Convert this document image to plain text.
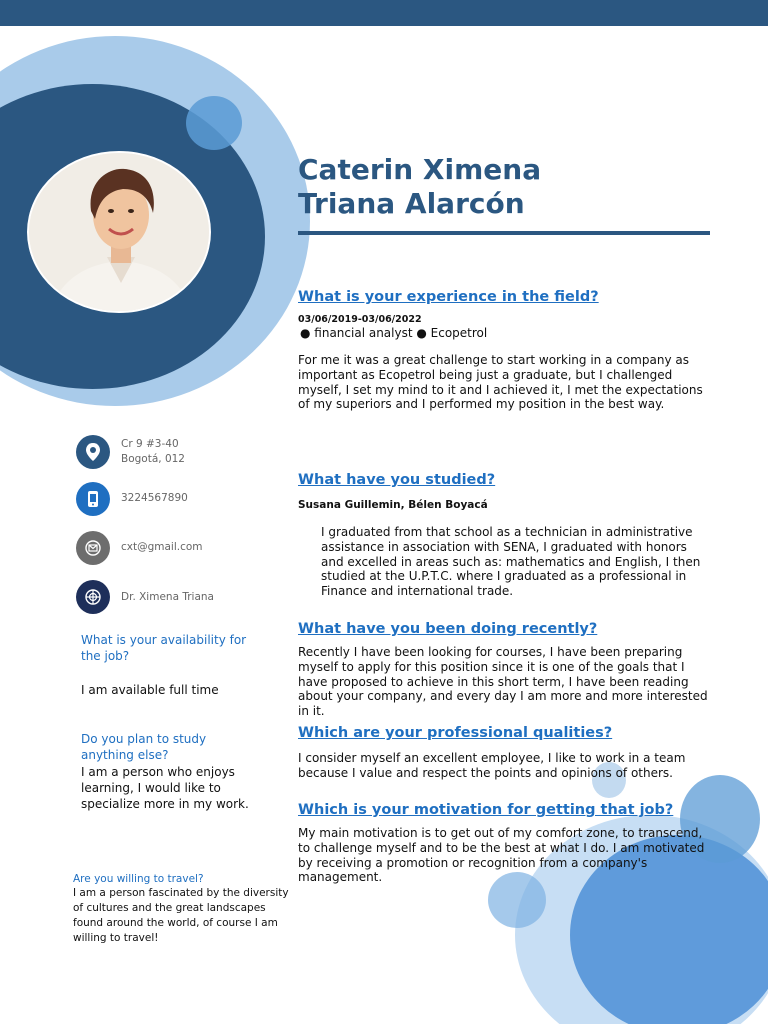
Caterin Ximena
Triana Alarcón
What is your experience in the field?
03/06/2019-03/06/2022
● financial analyst ● Ecopetrol
For me it was a great challenge to start working in a company as important as Ecopetrol being just a graduate, but I challenged myself, I set my mind to it and I achieved it, I met the expectations of my superiors and I performed my position in the best way.
What have you studied?
Susana Guillemin, Bélen Boyacá
I graduated from that school as a technician in administrative assistance in association with SENA, I graduated with honors and excelled in areas such as: mathematics and English, I then studied at the U.P.T.C. where I graduated as a professional in Finance and international trade.
What have you been doing recently?
Recently I have been looking for courses, I have been preparing myself to apply for this position since it is one of the goals that I have proposed to achieve in this short term, I have been reading about your company, and every day I am more and more interested in it.
Which are your professional qualities?
I consider myself an excellent employee, I like to work in a team because I value and respect the points and opinions of others.
Which is your motivation for getting that job?
My main motivation is to get out of my comfort zone, to transcend, to challenge myself and to be the best at what I do. I am motivated by receiving a promotion or recognition from a company's management.
Cr 9 #3-40
Bogotá, 012
3224567890
cxt@gmail.com
Dr. Ximena Triana
What is your availability for the job?
I am available full time
Do you plan to study anything else?
I am a person who enjoys learning, I would like to specialize more in my work.
Are you willing to travel?
I am a person fascinated by the diversity of cultures and the great landscapes found around the world, of course I am willing to travel!
